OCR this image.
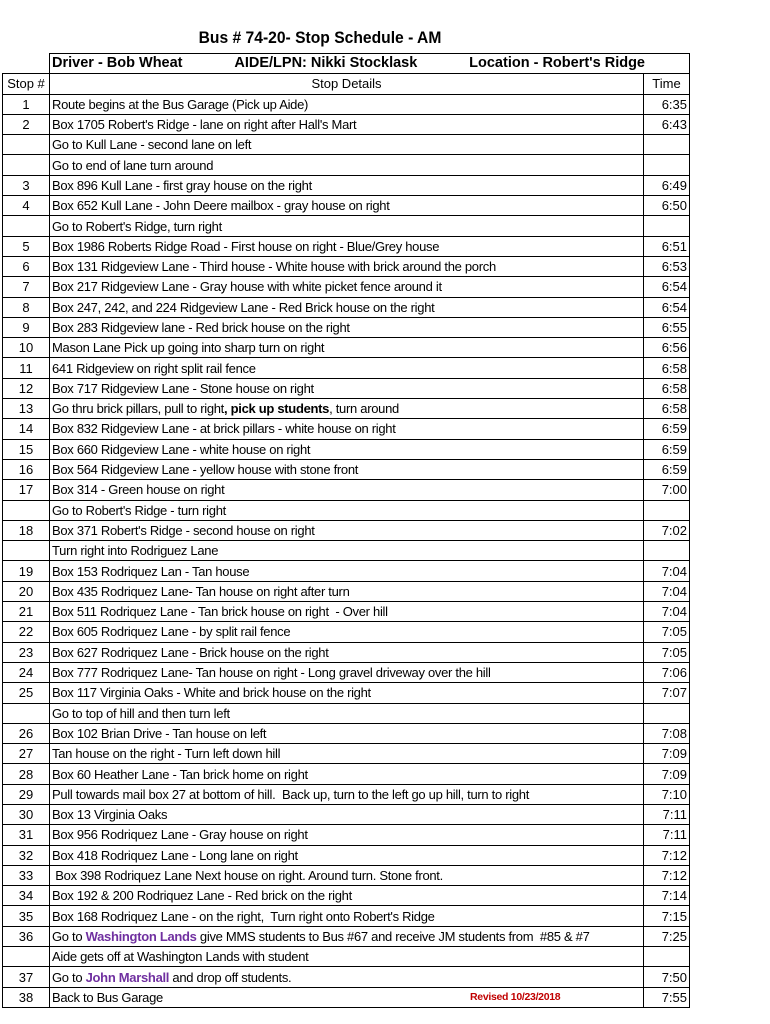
Bus # 74-20- Stop Schedule - AM

	Driver - Bob Wheat AIDE/LPN: Nikki Stocklask Location - Robert's Ridge	

Stop #	Stop Details	Time
1	Route begins at the Bus Garage (Pick up Aide)	6:35
2	Box 1705 Robert's Ridge - lane on right after Hall's Mart	6:43
	Go to Kull Lane - second lane on left	
	Go to end of lane turn around	
3	Box 896 Kull Lane - first gray house on the right	6:49
4	Box 652 Kull Lane - John Deere mailbox - gray house on right	6:50
	Go to Robert's Ridge, turn right	
5	Box 1986 Roberts Ridge Road - First house on right - Blue/Grey house	6:51
6	Box 131 Ridgeview Lane - Third house - White house with brick around the porch	6:53
7	Box 217 Ridgeview Lane - Gray house with white picket fence around it	6:54
8	Box 247, 242, and 224 Ridgeview Lane - Red Brick house on the right	6:54
9	Box 283 Ridgeview lane - Red brick house on the right	6:55
10	Mason Lane Pick up going into sharp turn on right	6:56
11	641 Ridgeview on right split rail fence	6:58
12	Box 717 Ridgeview Lane - Stone house on right	6:58
13	Go thru brick pillars, pull to right, pick up students, turn around	6:58
14	Box 832 Ridgeview Lane - at brick pillars - white house on right	6:59
15	Box 660 Ridgeview Lane - white house on right	6:59
16	Box 564 Ridgeview Lane - yellow house with stone front	6:59
17	Box 314 - Green house on right	7:00
	Go to Robert's Ridge - turn right	
18	Box 371 Robert's Ridge - second house on right	7:02
	Turn right into Rodriguez Lane	
19	Box 153 Rodriquez Lan - Tan house	7:04
20	Box 435 Rodriquez Lane- Tan house on right after turn	7:04
21	Box 511 Rodriquez Lane - Tan brick house on right  - Over hill	7:04
22	Box 605 Rodriquez Lane - by split rail fence	7:05
23	Box 627 Rodriquez Lane - Brick house on the right	7:05
24	Box 777 Rodriquez Lane- Tan house on right - Long gravel driveway over the hill	7:06
25	Box 117 Virginia Oaks - White and brick house on the right	7:07
	Go to top of hill and then turn left	
26	Box 102 Brian Drive - Tan house on left	7:08
27	Tan house on the right - Turn left down hill	7:09
28	Box 60 Heather Lane - Tan brick home on right	7:09
29	Pull towards mail box 27 at bottom of hill.  Back up, turn to the left go up hill, turn to right	7:10
30	Box 13 Virginia Oaks	7:11
31	Box 956 Rodriquez Lane - Gray house on right	7:11
32	Box 418 Rodriquez Lane - Long lane on right	7:12
33	Box 398 Rodriquez Lane Next house on right. Around turn. Stone front.	7:12
34	Box 192 & 200 Rodriquez Lane - Red brick on the right	7:14
35	Box 168 Rodriquez Lane - on the right,  Turn right onto Robert's Ridge	7:15
36	Go to Washington Lands give MMS students to Bus #67 and receive JM students from  #85 & #7	7:25
	Aide gets off at Washington Lands with student	
37	Go to John Marshall and drop off students.	7:50
38	Back to Bus Garage Revised 10/23/2018	7:55
